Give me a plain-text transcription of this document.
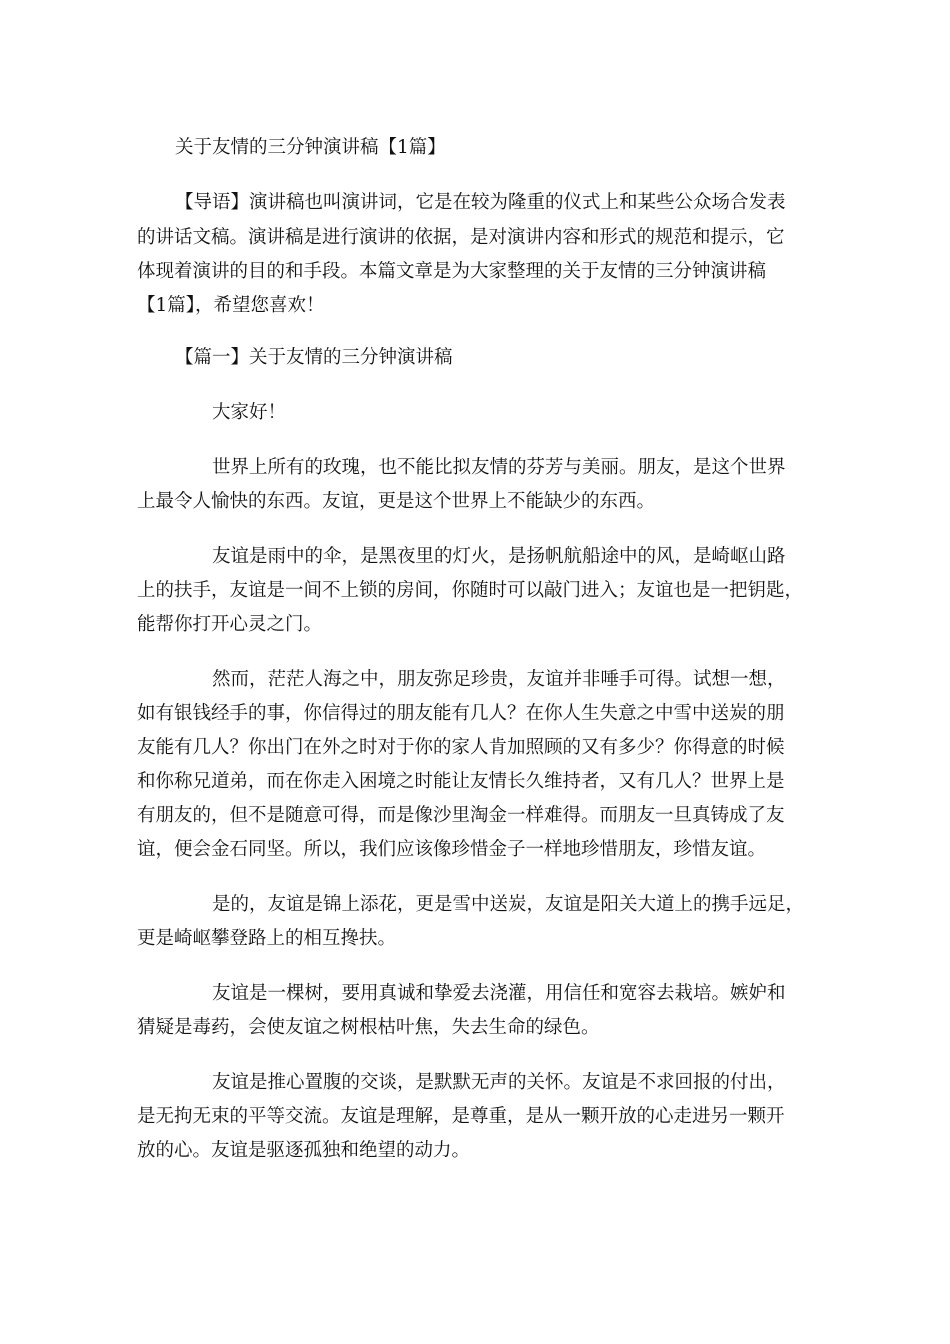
关于友情的三分钟演讲稿【1篇】
【导语】演讲稿也叫演讲词，它是在较为隆重的仪式上和某些公众场合发表
的讲话文稿。演讲稿是进行演讲的依据，是对演讲内容和形式的规范和提示，它
体现着演讲的目的和手段。本篇文章是为大家整理的关于友情的三分钟演讲稿
【1篇】，希望您喜欢！
【篇一】关于友情的三分钟演讲稿
大家好！
世界上所有的玫瑰，也不能比拟友情的芬芳与美丽。朋友，是这个世界
上最令人愉快的东西。友谊，更是这个世界上不能缺少的东西。
友谊是雨中的伞，是黑夜里的灯火，是扬帆航船途中的风，是崎岖山路
上的扶手，友谊是一间不上锁的房间，你随时可以敲门进入；友谊也是一把钥匙，
能帮你打开心灵之门。
然而，茫茫人海之中，朋友弥足珍贵，友谊并非唾手可得。试想一想，
如有银钱经手的事，你信得过的朋友能有几人？在你人生失意之中雪中送炭的朋
友能有几人？你出门在外之时对于你的家人肯加照顾的又有多少？你得意的时候
和你称兄道弟，而在你走入困境之时能让友情长久维持者，又有几人？世界上是
有朋友的，但不是随意可得，而是像沙里淘金一样难得。而朋友一旦真铸成了友
谊，便会金石同坚。所以，我们应该像珍惜金子一样地珍惜朋友，珍惜友谊。
是的，友谊是锦上添花，更是雪中送炭，友谊是阳关大道上的携手远足，
更是崎岖攀登路上的相互搀扶。
友谊是一棵树，要用真诚和挚爱去浇灌，用信任和宽容去栽培。嫉妒和
猜疑是毒药，会使友谊之树根枯叶焦，失去生命的绿色。
友谊是推心置腹的交谈，是默默无声的关怀。友谊是不求回报的付出，
是无拘无束的平等交流。友谊是理解，是尊重，是从一颗开放的心走进另一颗开
放的心。友谊是驱逐孤独和绝望的动力。
